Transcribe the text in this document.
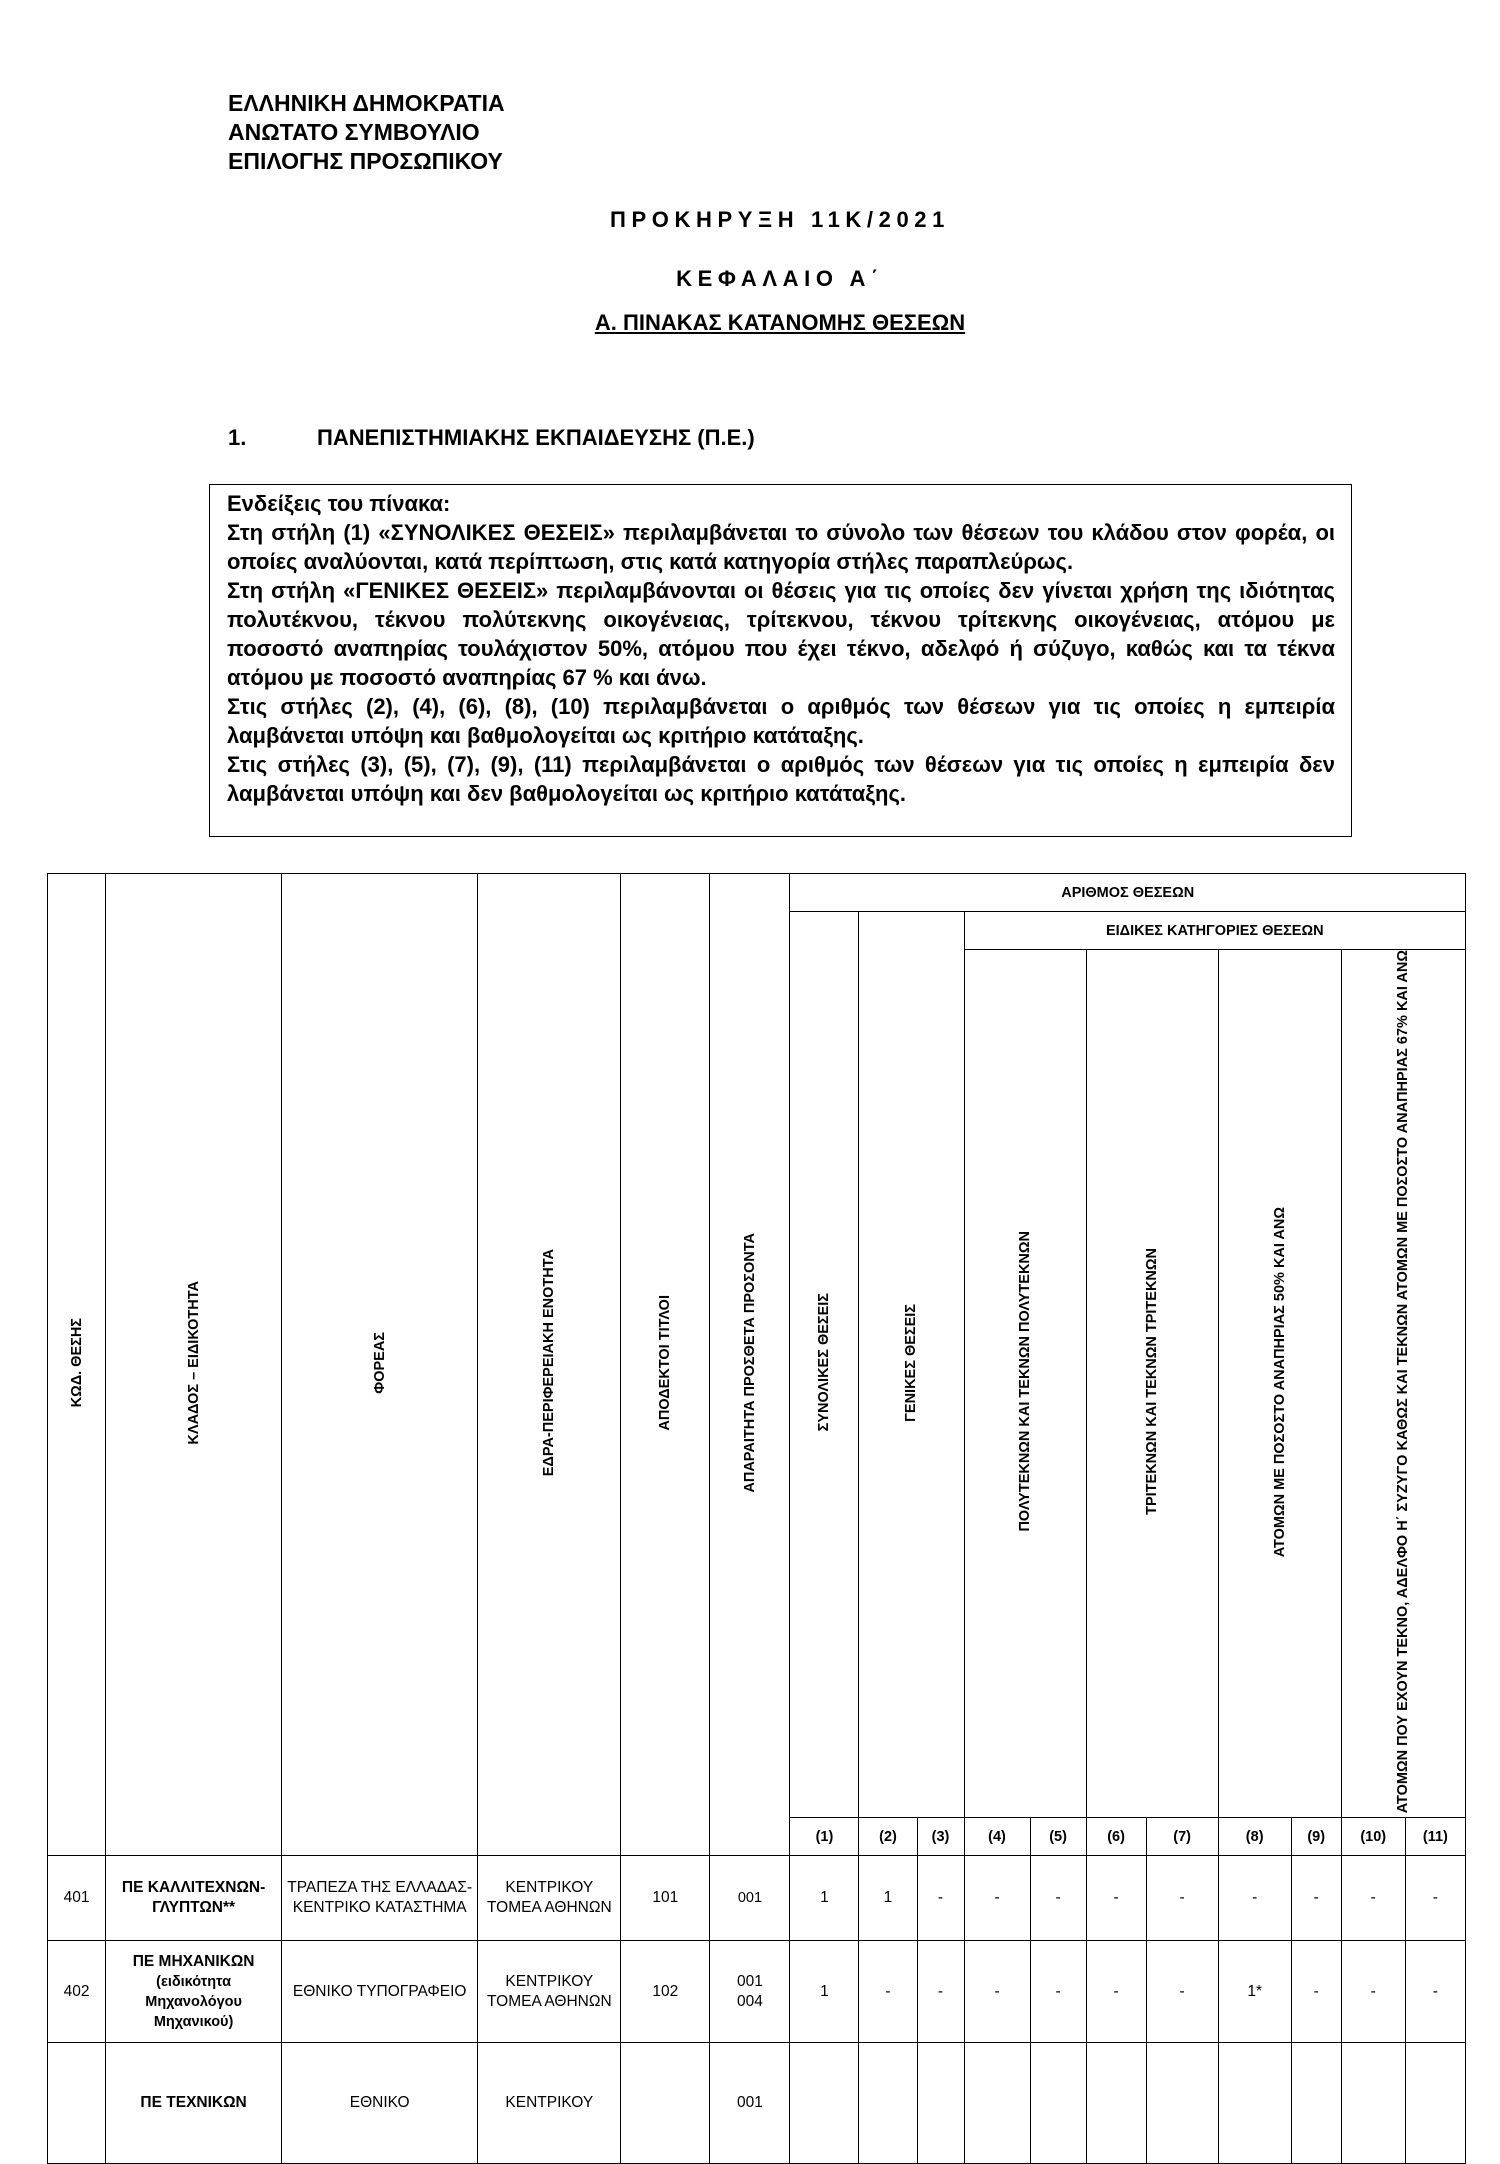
ΕΛΛΗΝΙΚΗ ΔΗΜΟΚΡΑΤΙΑ
ΑΝΩΤΑΤΟ ΣΥΜΒΟΥΛΙΟ
ΕΠΙΛΟΓΗΣ ΠΡΟΣΩΠΙΚΟΥ
ΠΡΟΚΗΡΥΞΗ 11Κ/2021
ΚΕΦΑΛΑΙΟ Α΄
Α. ΠΙΝΑΚΑΣ ΚΑΤΑΝΟΜΗΣ ΘΕΣΕΩΝ
1.	ΠΑΝΕΠΙΣΤΗΜΙΑΚΗΣ ΕΚΠΑΙΔΕΥΣΗΣ (Π.Ε.)

Ενδείξεις του πίνακα:

Στη στήλη (1) «ΣΥΝΟΛΙΚΕΣ ΘΕΣΕΙΣ» περιλαμβάνεται το σύνολο των θέσεων του κλάδου στον φορέα, οι οποίες αναλύονται, κατά περίπτωση, στις κατά κατηγορία στήλες παραπλεύρως.

Στη στήλη «ΓΕΝΙΚΕΣ ΘΕΣΕΙΣ» περιλαμβάνονται οι θέσεις για τις οποίες δεν γίνεται χρήση της ιδιότητας πολυτέκνου, τέκνου πολύτεκνης οικογένειας, τρίτεκνου, τέκνου τρίτεκνης οικογένειας, ατόμου με ποσοστό αναπηρίας τουλάχιστον 50%, ατόμου που έχει τέκνο, αδελφό ή σύζυγο, καθώς και τα τέκνα ατόμου με ποσοστό αναπηρίας 67 % και άνω.

Στις στήλες (2), (4), (6), (8), (10) περιλαμβάνεται ο αριθμός των θέσεων για τις οποίες η εμπειρία λαμβάνεται υπόψη και βαθμολογείται ως κριτήριο κατάταξης.

Στις στήλες (3), (5), (7), (9), (11) περιλαμβάνεται ο αριθμός των θέσεων για τις οποίες η εμπειρία δεν λαμβάνεται υπόψη και δεν βαθμολογείται ως κριτήριο κατάταξης.

ΚΩΔ. ΘΕΣΗΣ	ΚΛΑΔΟΣ – ΕΙΔΙΚΟΤΗΤΑ	ΦΟΡΕΑΣ	ΕΔΡΑ-ΠΕΡΙΦΕΡΕΙΑΚΗ ΕΝΟΤΗΤΑ	ΑΠΟΔΕΚΤΟΙ ΤΙΤΛΟΙ	ΑΠΑΡΑΙΤΗΤΑ ΠΡΟΣΘΕΤΑ ΠΡΟΣΟΝΤΑ	ΑΡΙΘΜΟΣ ΘΕΣΕΩΝ										
						ΣΥΝΟΛΙΚΕΣ ΘΕΣΕΙΣ	ΓΕΝΙΚΕΣ ΘΕΣΕΙΣ		ΕΙΔΙΚΕΣ ΚΑΤΗΓΟΡΙΕΣ ΘΕΣΕΩΝ							
									ΠΟΛΥΤΕΚΝΩΝ ΚΑΙ ΤΕΚΝΩΝ ΠΟΛΥΤΕΚΝΩΝ		ΤΡΙΤΕΚΝΩΝ ΚΑΙ ΤΕΚΝΩΝ ΤΡΙΤΕΚΝΩΝ		ΑΤΟΜΩΝ ΜΕ ΠΟΣΟΣΤΟ ΑΝΑΠΗΡΙΑΣ 50% ΚΑΙ ΑΝΩ		ΑΤΟΜΩΝ ΠΟΥ ΕΧΟΥΝ ΤΕΚΝΟ, ΑΔΕΛΦΟ Η΄ ΣΥΖΥΓΟ ΚΑΘΩΣ ΚΑΙ ΤΕΚΝΩΝ ΑΤΟΜΩΝ ΜΕ ΠΟΣΟΣΤΟ ΑΝΑΠΗΡΙΑΣ 67% ΚΑΙ ΑΝΩ	
						(1)	(2)	(3)	(4)	(5)	(6)	(7)	(8)	(9)	(10)	(11)
401	ΠΕ ΚΑΛΛΙΤΕΧΝΩΝ-ΓΛΥΠΤΩΝ**	ΤΡΑΠΕΖΑ ΤΗΣ ΕΛΛΑΔΑΣ-ΚΕΝΤΡΙΚΟ ΚΑΤΑΣΤΗΜΑ	ΚΕΝΤΡΙΚΟΥ ΤΟΜΕΑ ΑΘΗΝΩΝ	101	001	1	1	-	-	-	-	-	-	-	-	-
402	ΠΕ ΜΗΧΑΝΙΚΩΝ
(ειδικότητα Μηχανολόγου Μηχανικού)	ΕΘΝΙΚΟ ΤΥΠΟΓΡΑΦΕΙΟ	ΚΕΝΤΡΙΚΟΥ ΤΟΜΕΑ ΑΘΗΝΩΝ	102	001 004	1	-	-	-	-	-	-	1*	-	-	-
	ΠΕ ΤΕΧΝΙΚΩΝ	ΕΘΝΙΚΟ	ΚΕΝΤΡΙΚΟΥ		001											
